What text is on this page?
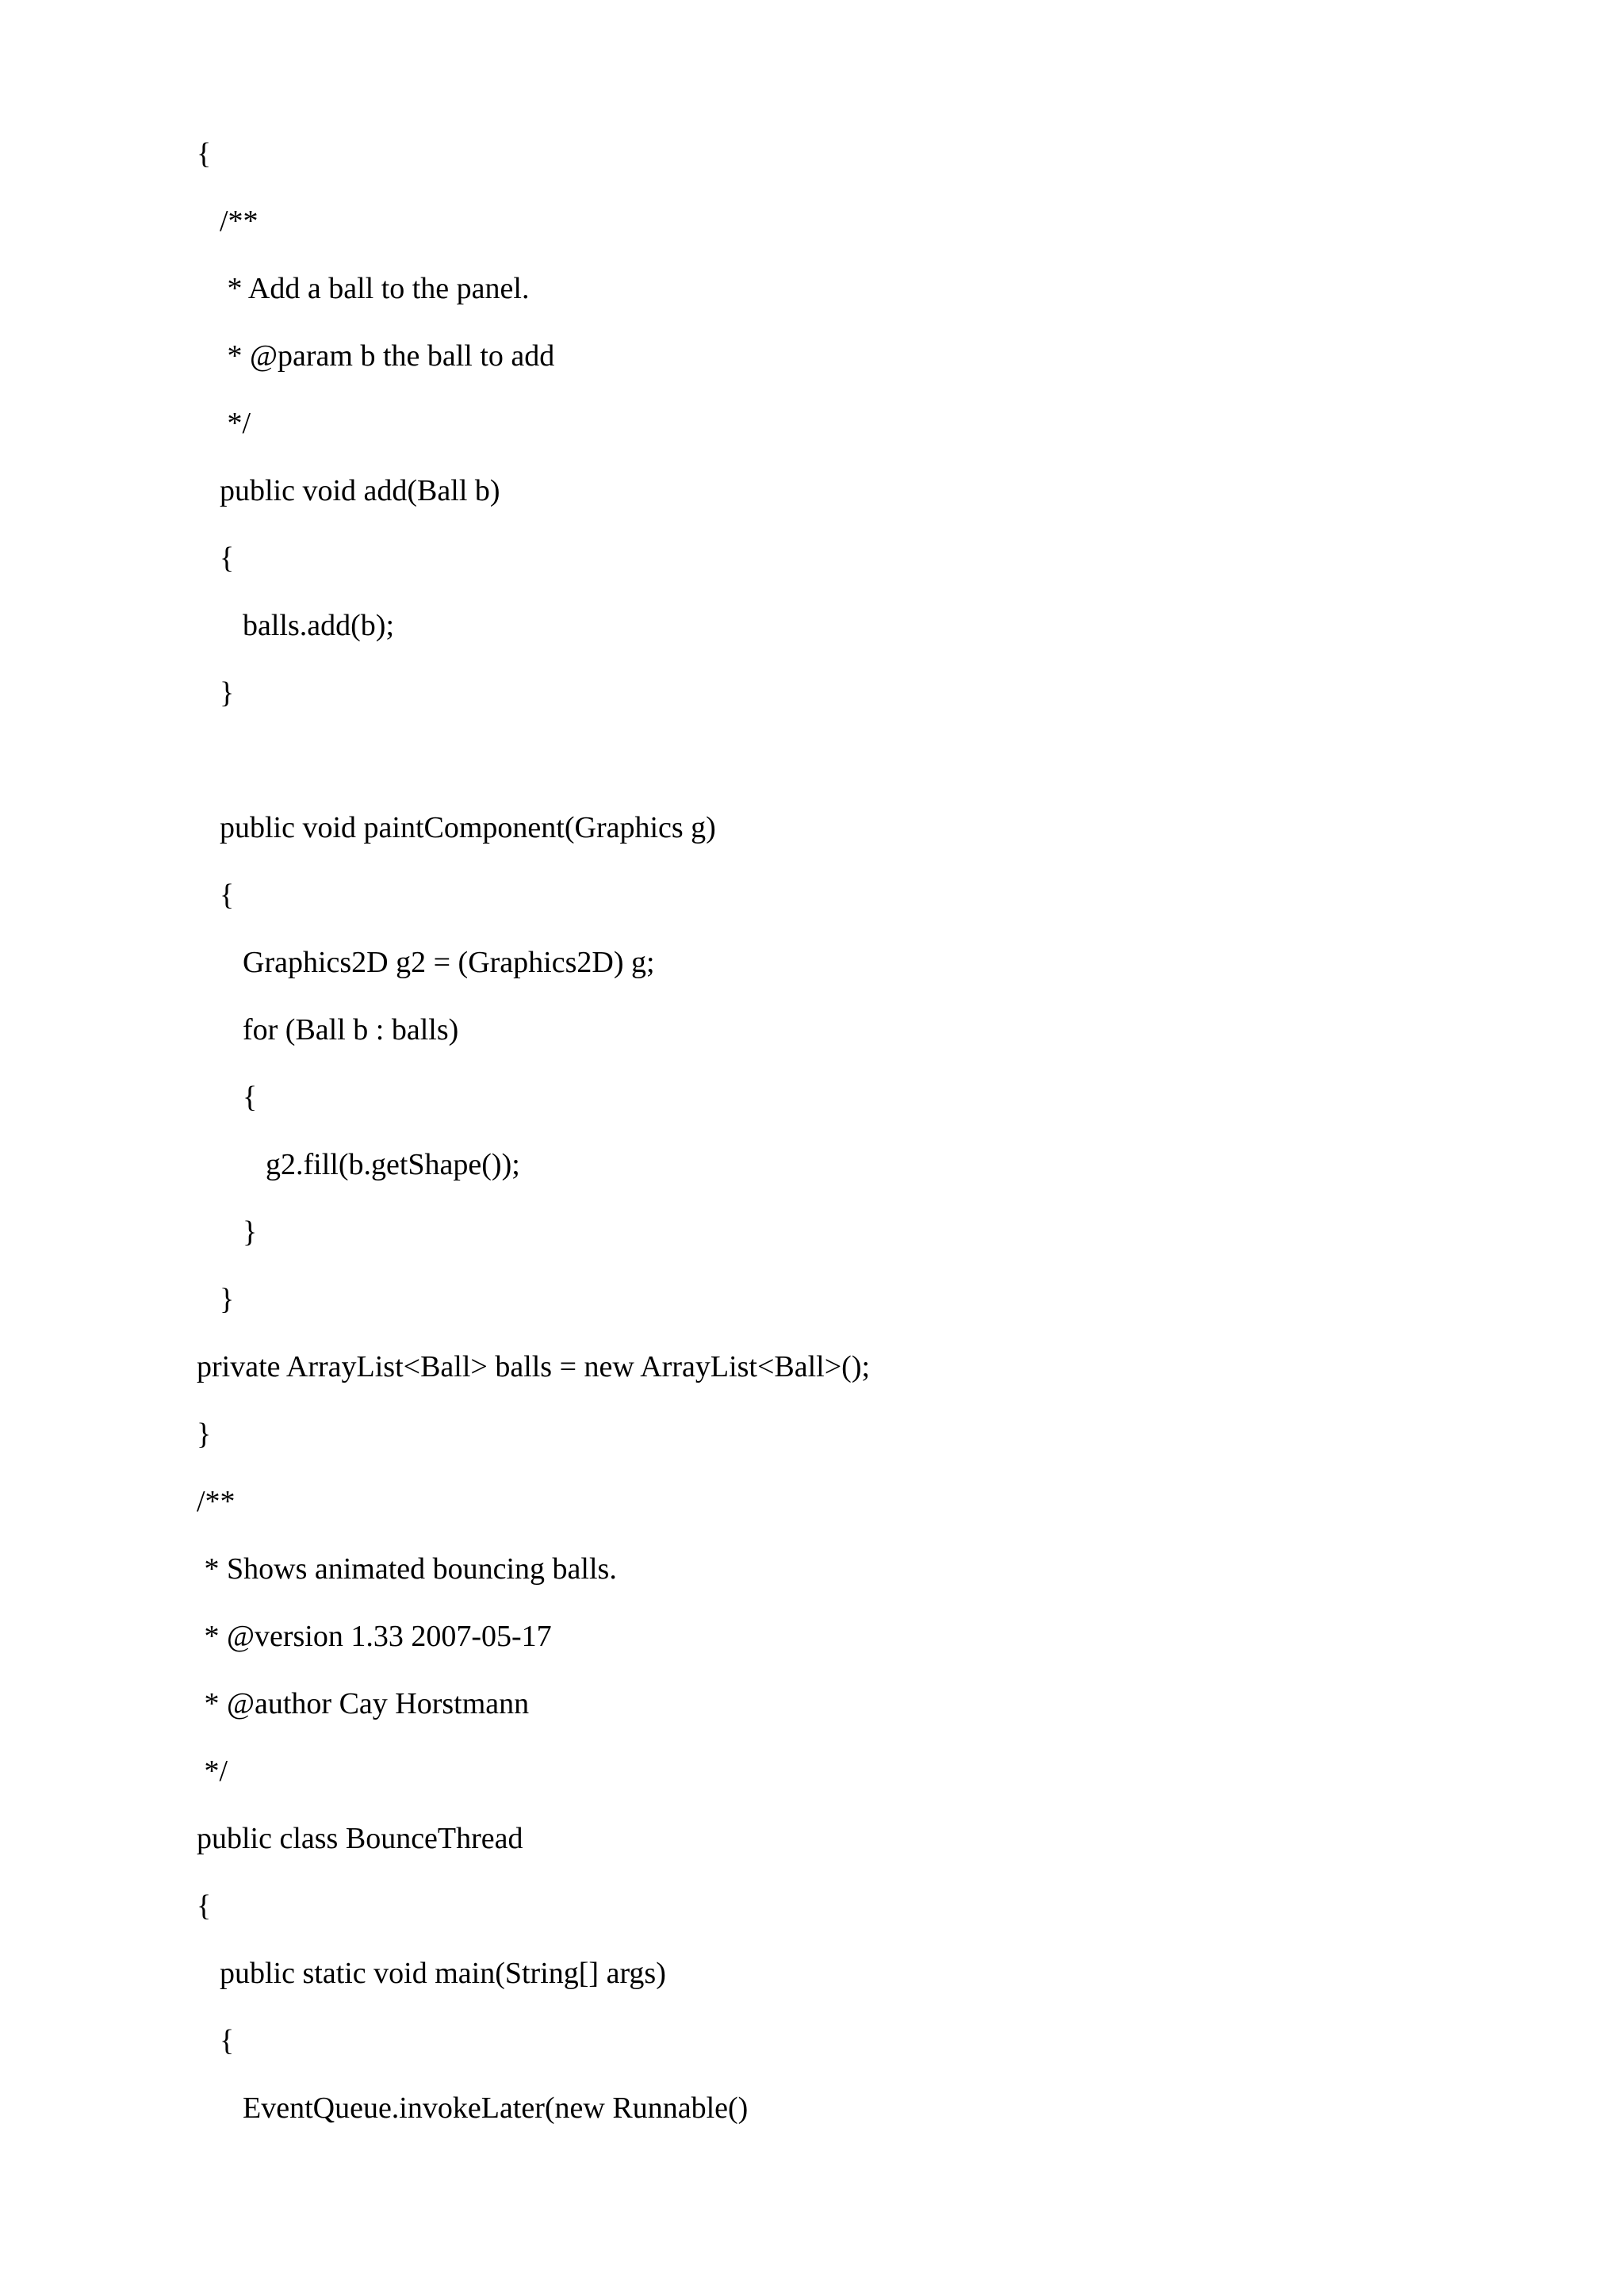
{
/**
* Add a ball to the panel.
* @param b the ball to add
*/
public void add(Ball b)
{
balls.add(b);
}
public void paintComponent(Graphics g)
{
Graphics2D g2 = (Graphics2D) g;
for (Ball b : balls)
{
g2.fill(b.getShape());
}
}
private ArrayList<Ball> balls = new ArrayList<Ball>();
}
/**
* Shows animated bouncing balls.
* @version 1.33 2007-05-17
* @author Cay Horstmann
*/
public class BounceThread
{
public static void main(String[] args)
{
EventQueue.invokeLater(new Runnable()
